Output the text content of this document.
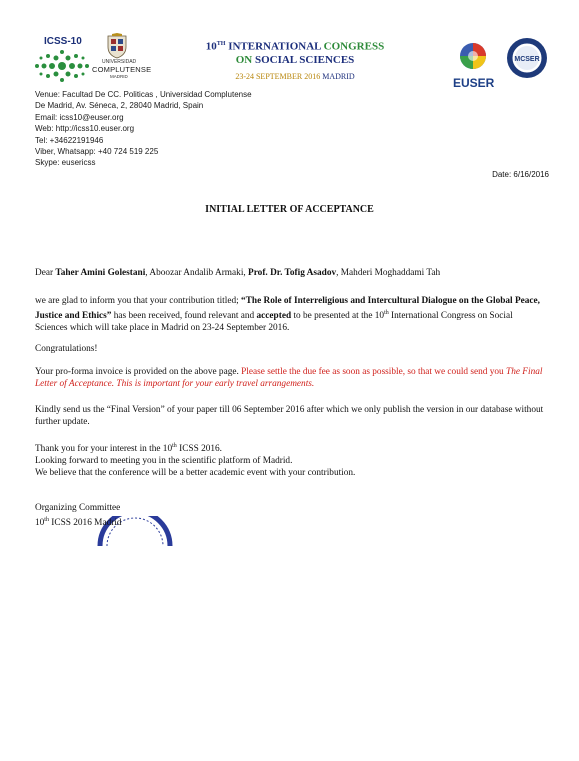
ICSS-10
UNIVERSIDAD
COMPLUTENSE
MADRID
10TH INTERNATIONAL CONGRESS
ON SOCIAL SCIENCES
23-24 SEPTEMBER 2016 MADRID	EUSER
MCSER
Venue: Facultad De CC. Politicas , Universidad Complutense
De Madrid, Av. Séneca, 2, 28040 Madrid, Spain
Email: icss10@euser.org
Web: http://icss10.euser.org
Tel: +34622191946
Viber, Whatsapp: +40 724 519 225
Skype: eusericss
Date: 6/16/2016
INITIAL LETTER OF ACCEPTANCE
Dear Taher Amini Golestani, Aboozar Andalib Armaki, Prof. Dr. Tofig Asadov, Mahderi Moghaddami Tah
we are glad to inform you that your contribution titled; “The Role of Interreligious and Intercultural Dialogue on the Global Peace, Justice and Ethics” has been received, found relevant and accepted to be presented at the 10th International Congress on Social Sciences which will take place in Madrid on 23-24 September 2016.
Congratulations!
Your pro-forma invoice is provided on the above page. Please settle the due fee as soon as possible, so that we could send you The Final Letter of Acceptance. This is important for your early travel arrangements.
Kindly send us the “Final Version” of your paper till 06 September 2016 after which we only publish the version in our database without further update.
Thank you for your interest in the 10th ICSS 2016.
Looking forward to meeting you in the scientific platform of Madrid.
We believe that the conference will be a better academic event with your contribution.
Organizing Committee
10th ICSS 2016 Madrid
